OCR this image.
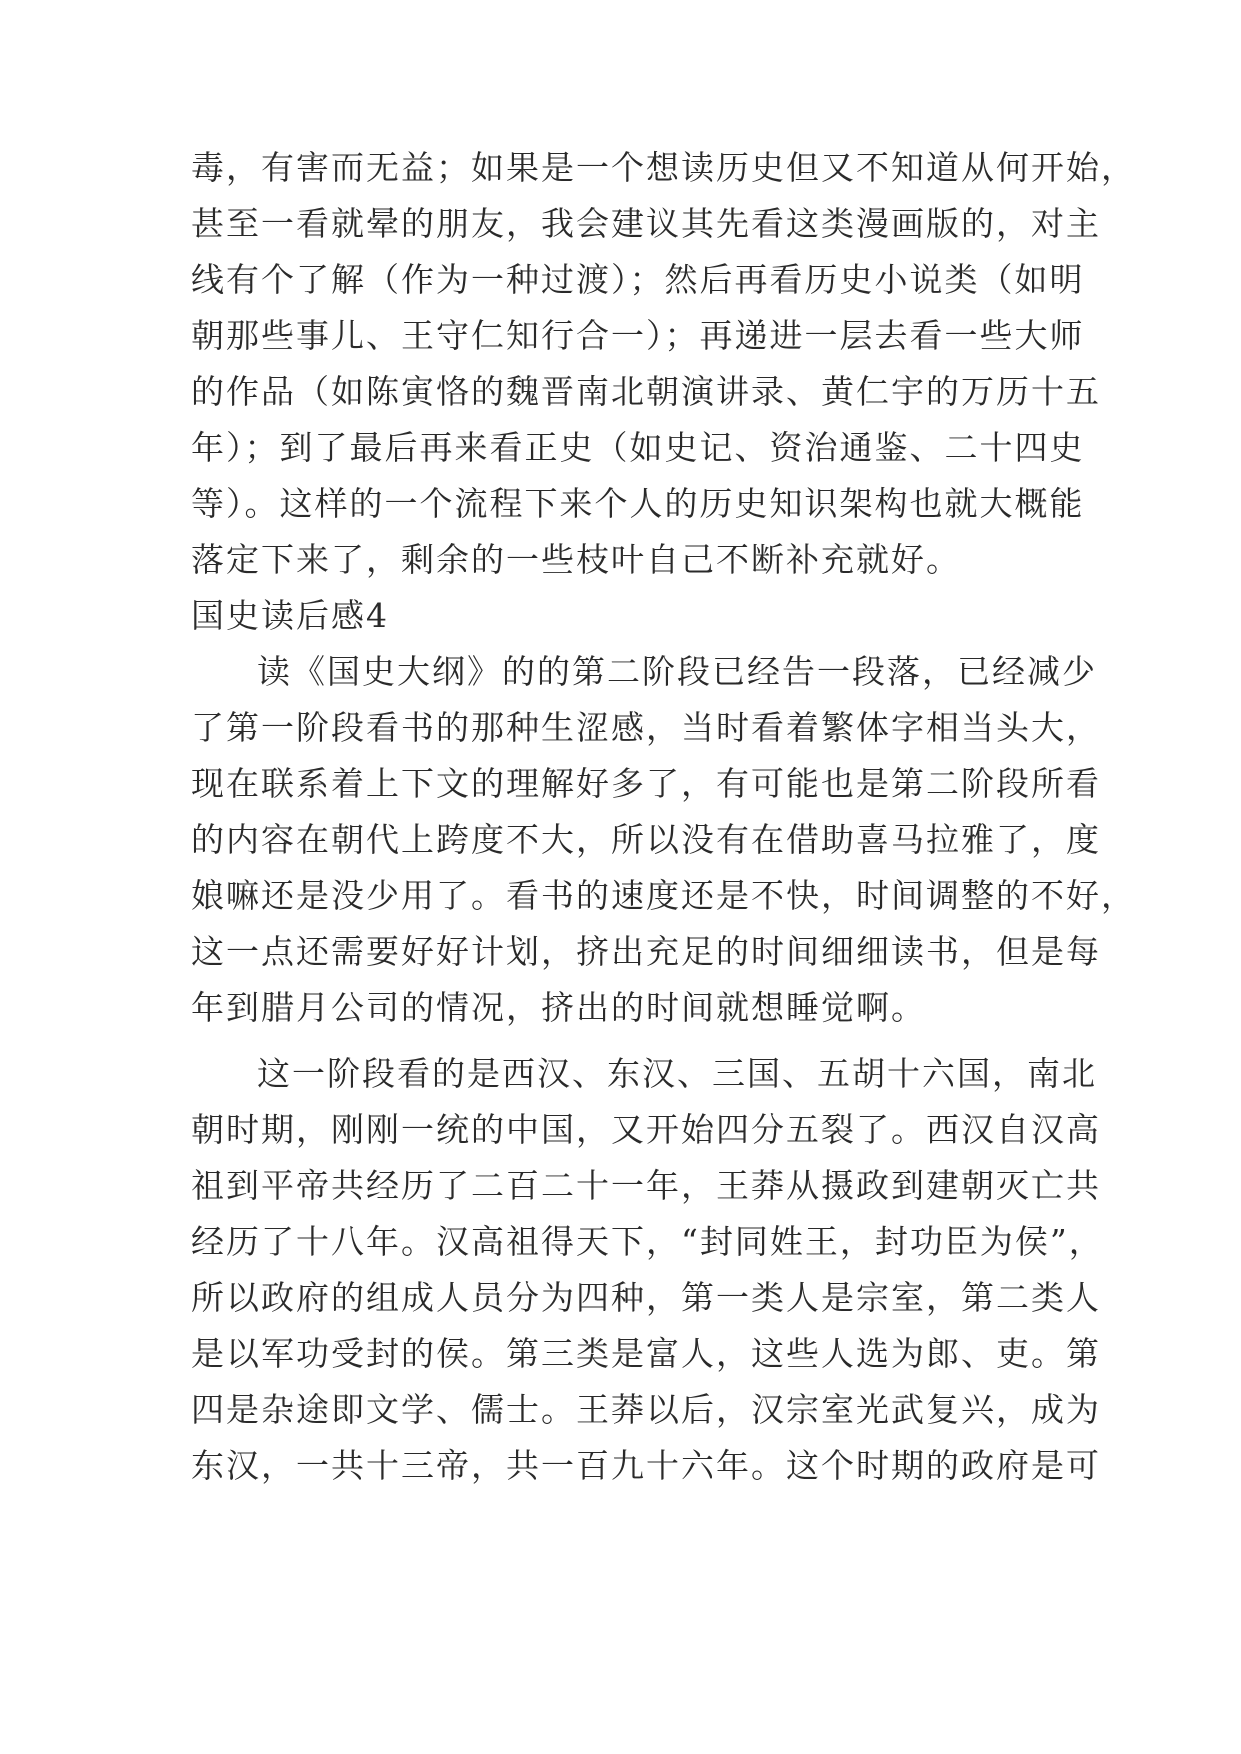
毒，有害而无益；如果是一个想读历史但又不知道从何开始，
甚至一看就晕的朋友，我会建议其先看这类漫画版的，对主
线有个了解（作为一种过渡）；然后再看历史小说类（如明
朝那些事儿、王守仁知行合一）；再递进一层去看一些大师
的作品（如陈寅恪的魏晋南北朝演讲录、黄仁宇的万历十五
年）；到了最后再来看正史（如史记、资治通鉴、二十四史
等）。这样的一个流程下来个人的历史知识架构也就大概能
落定下来了，剩余的一些枝叶自己不断补充就好。
国史读后感4
读《国史大纲》的的第二阶段已经告一段落，已经减少
了第一阶段看书的那种生涩感，当时看着繁体字相当头大，
现在联系着上下文的理解好多了，有可能也是第二阶段所看
的内容在朝代上跨度不大，所以没有在借助喜马拉雅了，度
娘嘛还是没少用了。看书的速度还是不快，时间调整的不好，
这一点还需要好好计划，挤出充足的时间细细读书，但是每
年到腊月公司的情况，挤出的时间就想睡觉啊。
这一阶段看的是西汉、东汉、三国、五胡十六国，南北
朝时期，刚刚一统的中国，又开始四分五裂了。西汉自汉高
祖到平帝共经历了二百二十一年，王莽从摄政到建朝灭亡共
经历了十八年。汉高祖得天下，“封同姓王，封功臣为侯”，
所以政府的组成人员分为四种，第一类人是宗室，第二类人
是以军功受封的侯。第三类是富人，这些人选为郎、吏。第
四是杂途即文学、儒士。王莽以后，汉宗室光武复兴，成为
东汉，一共十三帝，共一百九十六年。这个时期的政府是可
